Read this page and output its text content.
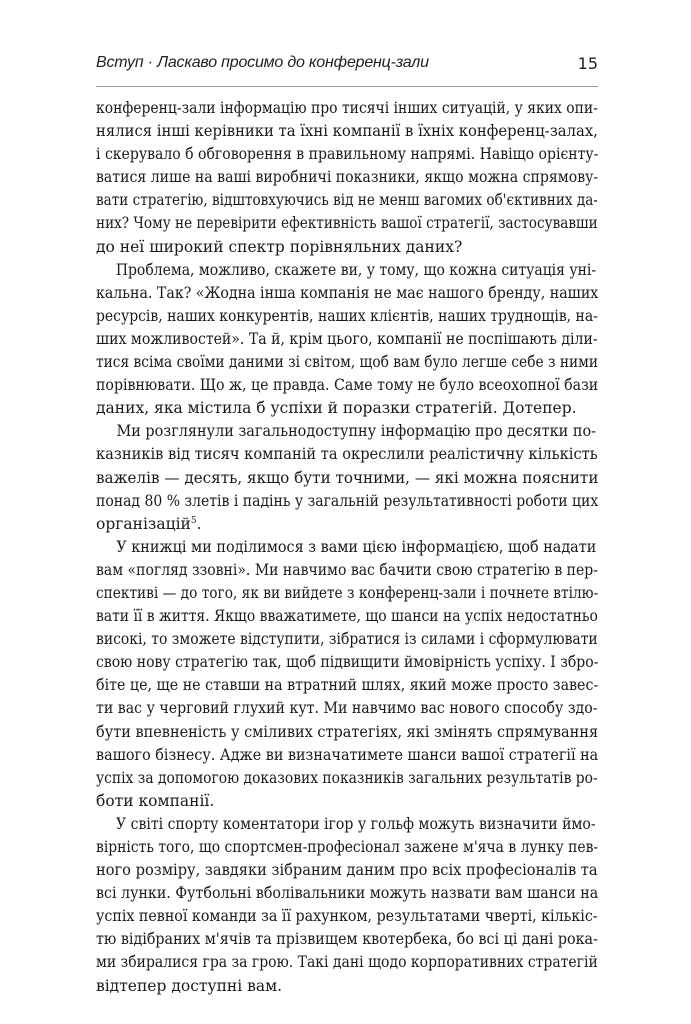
Вступ · Ласкаво просимо до конференц-зали	15

конференц-зали інформацію про тисячі інших ситуацій, у яких опи-
нялися інші керівники та їхні компанії в їхніх конференц-залах,
і скерувало б обговорення в правильному напрямі. Навіщо орієнту-
ватися лише на ваші виробничі показники, якщо можна спрямову-
вати стратегію, відштовхуючись від не менш вагомих об'єктивних да-
них? Чому не перевірити ефективність вашої стратегії, застосувавши
до неї широкий спектр порівняльних даних?

Проблема, можливо, скажете ви, у тому, що кожна ситуація уні-
кальна. Так? «Жодна інша компанія не має нашого бренду, наших
ресурсів, наших конкурентів, наших клієнтів, наших труднощів, на-
ших можливостей». Та й, крім цього, компанії не поспішають діли-
тися всіма своїми даними зі світом, щоб вам було легше себе з ними
порівнювати. Що ж, це правда. Саме тому не було всеохопної бази
даних, яка містила б успіхи й поразки стратегій. Дотепер.

Ми розглянули загальнодоступну інформацію про десятки по-
казників від тисяч компаній та окреслили реалістичну кількість
важелів — десять, якщо бути точними, — які можна пояснити
понад 80 % злетів і падінь у загальній результативності роботи цих
організацій$^5$.

У книжці ми поділимося з вами цією інформацією, щоб надати
вам «погляд ззовні». Ми навчимо вас бачити свою стратегію в пер-
спективі — до того, як ви вийдете з конференц-зали і почнете втілю-
вати її в життя. Якщо вважатимете, що шанси на успіх недостатньо
високі, то зможете відступити, зібратися із силами і сформулювати
свою нову стратегію так, щоб підвищити ймовірність успіху. І збро-
біте це, ще не ставши на втратний шлях, який може просто завес-
ти вас у черговий глухий кут. Ми навчимо вас нового способу здо-
бути впевненість у сміливих стратегіях, які змінять спрямування
вашого бізнесу. Адже ви визначатимете шанси вашої стратегії на
успіх за допомогою доказових показників загальних результатів ро-
боти компанії.

У світі спорту коментатори ігор у гольф можуть визначити ймо-
вірність того, що спортсмен-професіонал зажене м'яча в лунку пев-
ного розміру, завдяки зібраним даним про всіх професіоналів та
всі лунки. Футбольні вболівальники можуть назвати вам шанси на
успіх певної команди за її рахунком, результатами чверті, кількіс-
тю відібраних м'ячів та прізвищем квотербека, бо всі ці дані рока-
ми збиралися гра за грою. Такі дані щодо корпоративних стратегій
відтепер доступні вам.
